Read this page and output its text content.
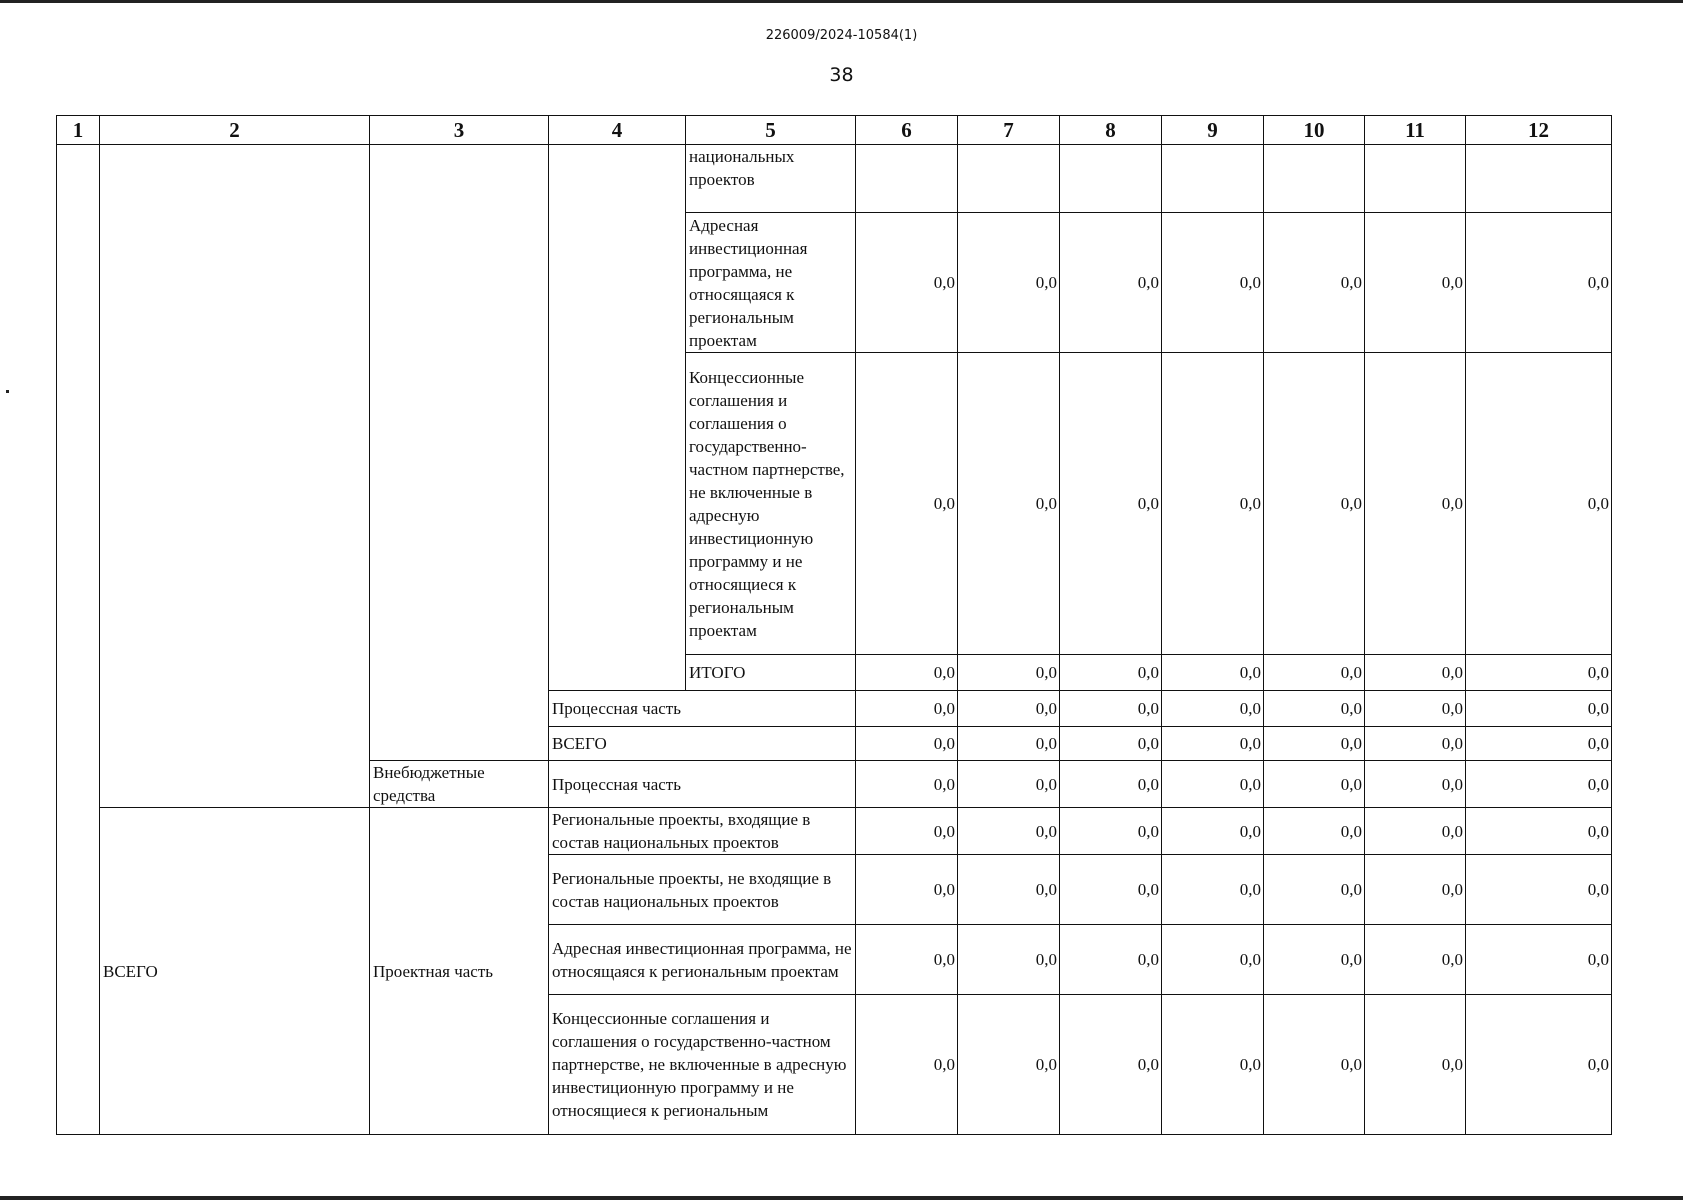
226009/2024-10584(1)
38
1	2	3	4	5	6	7	8	9	10	11	12
				национальных проектов							
				Адресная инвестиционная программа, не относящаяся к региональным проектам	0,0	0,0	0,0	0,0	0,0	0,0	0,0
				Концессионные соглашения и соглашения о государственно-частном партнерстве, не включенные в адресную инвестиционную программу и не относящиеся к региональным проектам	0,0	0,0	0,0	0,0	0,0	0,0	0,0
				ИТОГО	0,0	0,0	0,0	0,0	0,0	0,0	0,0
			Процессная часть		0,0	0,0	0,0	0,0	0,0	0,0	0,0
			ВСЕГО		0,0	0,0	0,0	0,0	0,0	0,0	0,0
		Внебюджетные средства	Процессная часть		0,0	0,0	0,0	0,0	0,0	0,0	0,0
	ВСЕГО	Проектная часть	Региональные проекты, входящие в состав национальных проектов		0,0	0,0	0,0	0,0	0,0	0,0	0,0
			Региональные проекты, не входящие в состав национальных проектов		0,0	0,0	0,0	0,0	0,0	0,0	0,0
			Адресная инвестиционная программа, не относящаяся к региональным проектам		0,0	0,0	0,0	0,0	0,0	0,0	0,0
			Концессионные соглашения и соглашения о государственно-частном партнерстве, не включенные в адресную инвестиционную программу и не относящиеся к региональным		0,0	0,0	0,0	0,0	0,0	0,0	0,0
